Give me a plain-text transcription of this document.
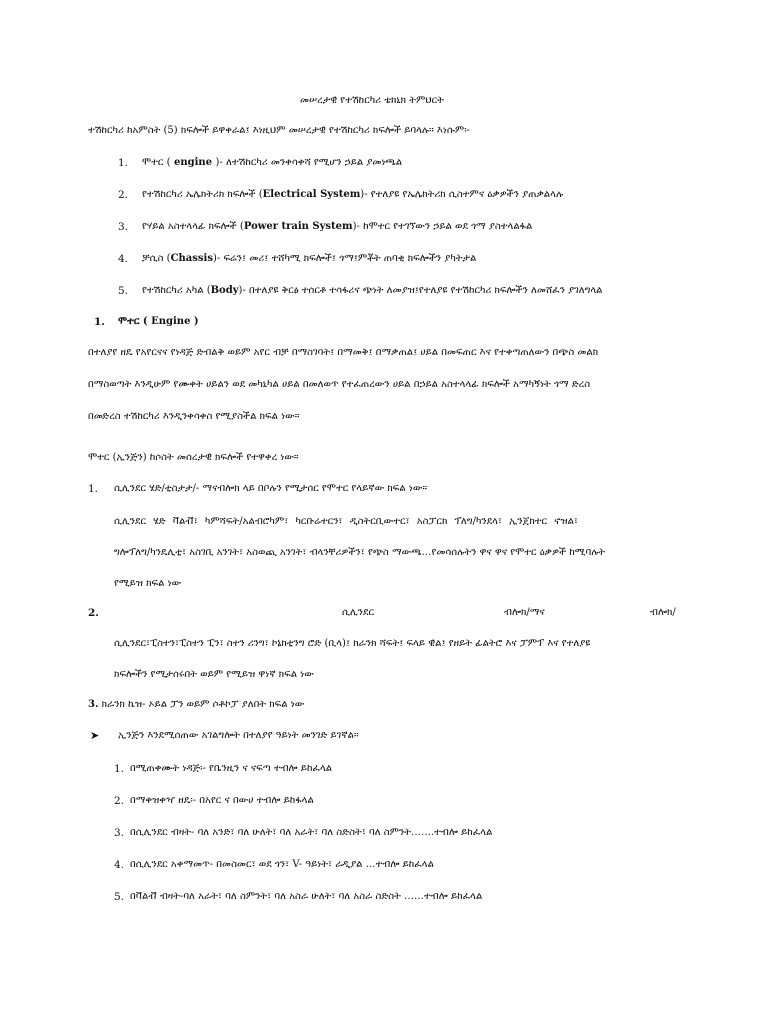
መሠረታዊ የተሽከርካሪ ቴክኒክ ትምህርት
ተሽከርካሪ ከአምስት (5) ክፍሎች ይዋቀራል፤ እነዚህም መሠረታዊ የተሽከርካሪ ክፍሎች ይባላሉ። እነሱም፡-
1. ሞተር ( engine )- ለተሽከርካሪ መንቀሳቀሻ የሚሆን ኃይል ያመነጫል
2. የተሽከርካሪ ኤሌክትሪክ ክፍሎች (Electrical System)- የተለያዩ የኤሌክትሪክ ሲስተምና ዕቃዎችን ያጠቃልላሉ
3. የሃይል አስተላላፊ ክፍሎች (Power train System)- ከሞተር የተገኘውን ኃይል ወደ ጎማ ያስተላልፋል
4. ቻሲስ (Chassis)- ፍሬን፤ መሪ፤ ተሸካሚ ክፍሎች፤ ጎማ፤ምቾት ጠባቂ ክፍሎችን ያካትታል
5. የተሽከርካሪ አካል (Body)- በተለያዩ ቅርፅ ተሰርቶ ተሳፋሪና ጭነት ለመያዝ፤የተለያዩ የተሽከርካሪ ክፍሎችን ለመሸፈን ያገለግላል
1. ሞተር ( Engine )
በተለያየ ዘዴ የአየርናና የነዳጅ ድብልቅ ወይም አየር ብቻ በማስገባት፤ በማመቅ፤ በማቃጠል፤ ሀይል በመፍጠር እና የተቀጣጠለውን በጭስ መልክ
በማስወጣት እንዲሁም የሙቀት ሀይልን ወደ መካኒካል ሀይል በመለወጥ የተፈጠረውን ሀይል በኃይል አስተላላፊ ክፍሎች አማካኝነት ጎማ ድረስ
በመድረስ ተሽከርካሪ እንዲንቀሳቀስ የሚያስችል ክፍል ነው።
ሞተር (ኢንጅን) ከሶስት መሰረታዊ ክፍሎች የተዋቀረ ነው።
1. ሲሊንደር ሄድ/ቲስታታ/- ማናብሎክ ላይ በቦሉን የሚታሰር የሞተር የላይኛው ክፍል ነው።
ሲሊንደር ሄድ ቫልቭ፣ ካምሻፍት/አልብሮካም፣ ካርቡሬተርን፣ ዲስትርቢውተር፣ አስፓርክ ፕለግ/ካንደላ፣ ኢንጀክተር ኖዝል፣
ግሎፕለግ/ካንዴሊቲ፣ አስገቢ አንገት፣ አስወጪ አንገት፣ ብላንቸሪዎችን፣ የጭስ ማውጫ…የመሳሰሉትን ዋና ዋና የሞተር ዕቃዎች ከሚባሉት
የሚይዝ ክፍል ነው
2.	ሲሊንደር	ብሎክ/ማና	ብሎክ/
ሲሊንደር፣ፒስተን፣ፒስተን ፒን፣ ስተን ሪንግ፣ ኮኔክቲንግ ሮድ (ቢላ)፤ ክራንክ ሻፍት፤ ፍላይ ዊል፤ የዘይት ፊልትሮ እና ፓምፕ እና የተለያዩ
ክፍሎችን የሚታሰሩበት ወይም የሚይዝ ዋነኛ ክፍል ነው
3. ክራንክ ኬዝ- ኦይል ፓን ወይም ሶቶኮፓ ያለበት ክፍል ነው
➤ ኢንጅን እንደሚሰጠው አገልግሎት በተለያየ ዓይነት መንገድ ይገኛል።
1. በሚጠቀሙት ነዳጅ፡- የቤንዚን ና ናፍጣ ተብሎ ይከፈላል
2. በማቀዝቀዣ ዘዴ፡- በአየር ና በውሀ ተብሎ ይከፋላል
3. በሲሊንደር ብዛት- ባለ አንድ፣ ባለ ሁለት፣ ባለ አራት፣ ባለ ስድስት፣ ባለ ስምንት…….ተብሎ ይከፈላል
4. በሲሊንደር አቀማመጥ- በመስመር፣ ወደ ጎን፣ V- ዓይነት፣ ራዲያል …ተብሎ ይከፈላል
5. በቫልቭ ብዛት-ባለ አራት፣ ባለ ስምንት፣ ባለ አስራ ሁለት፣ ባለ አስራ ስድስት ……ተብሎ ይከፈላል
